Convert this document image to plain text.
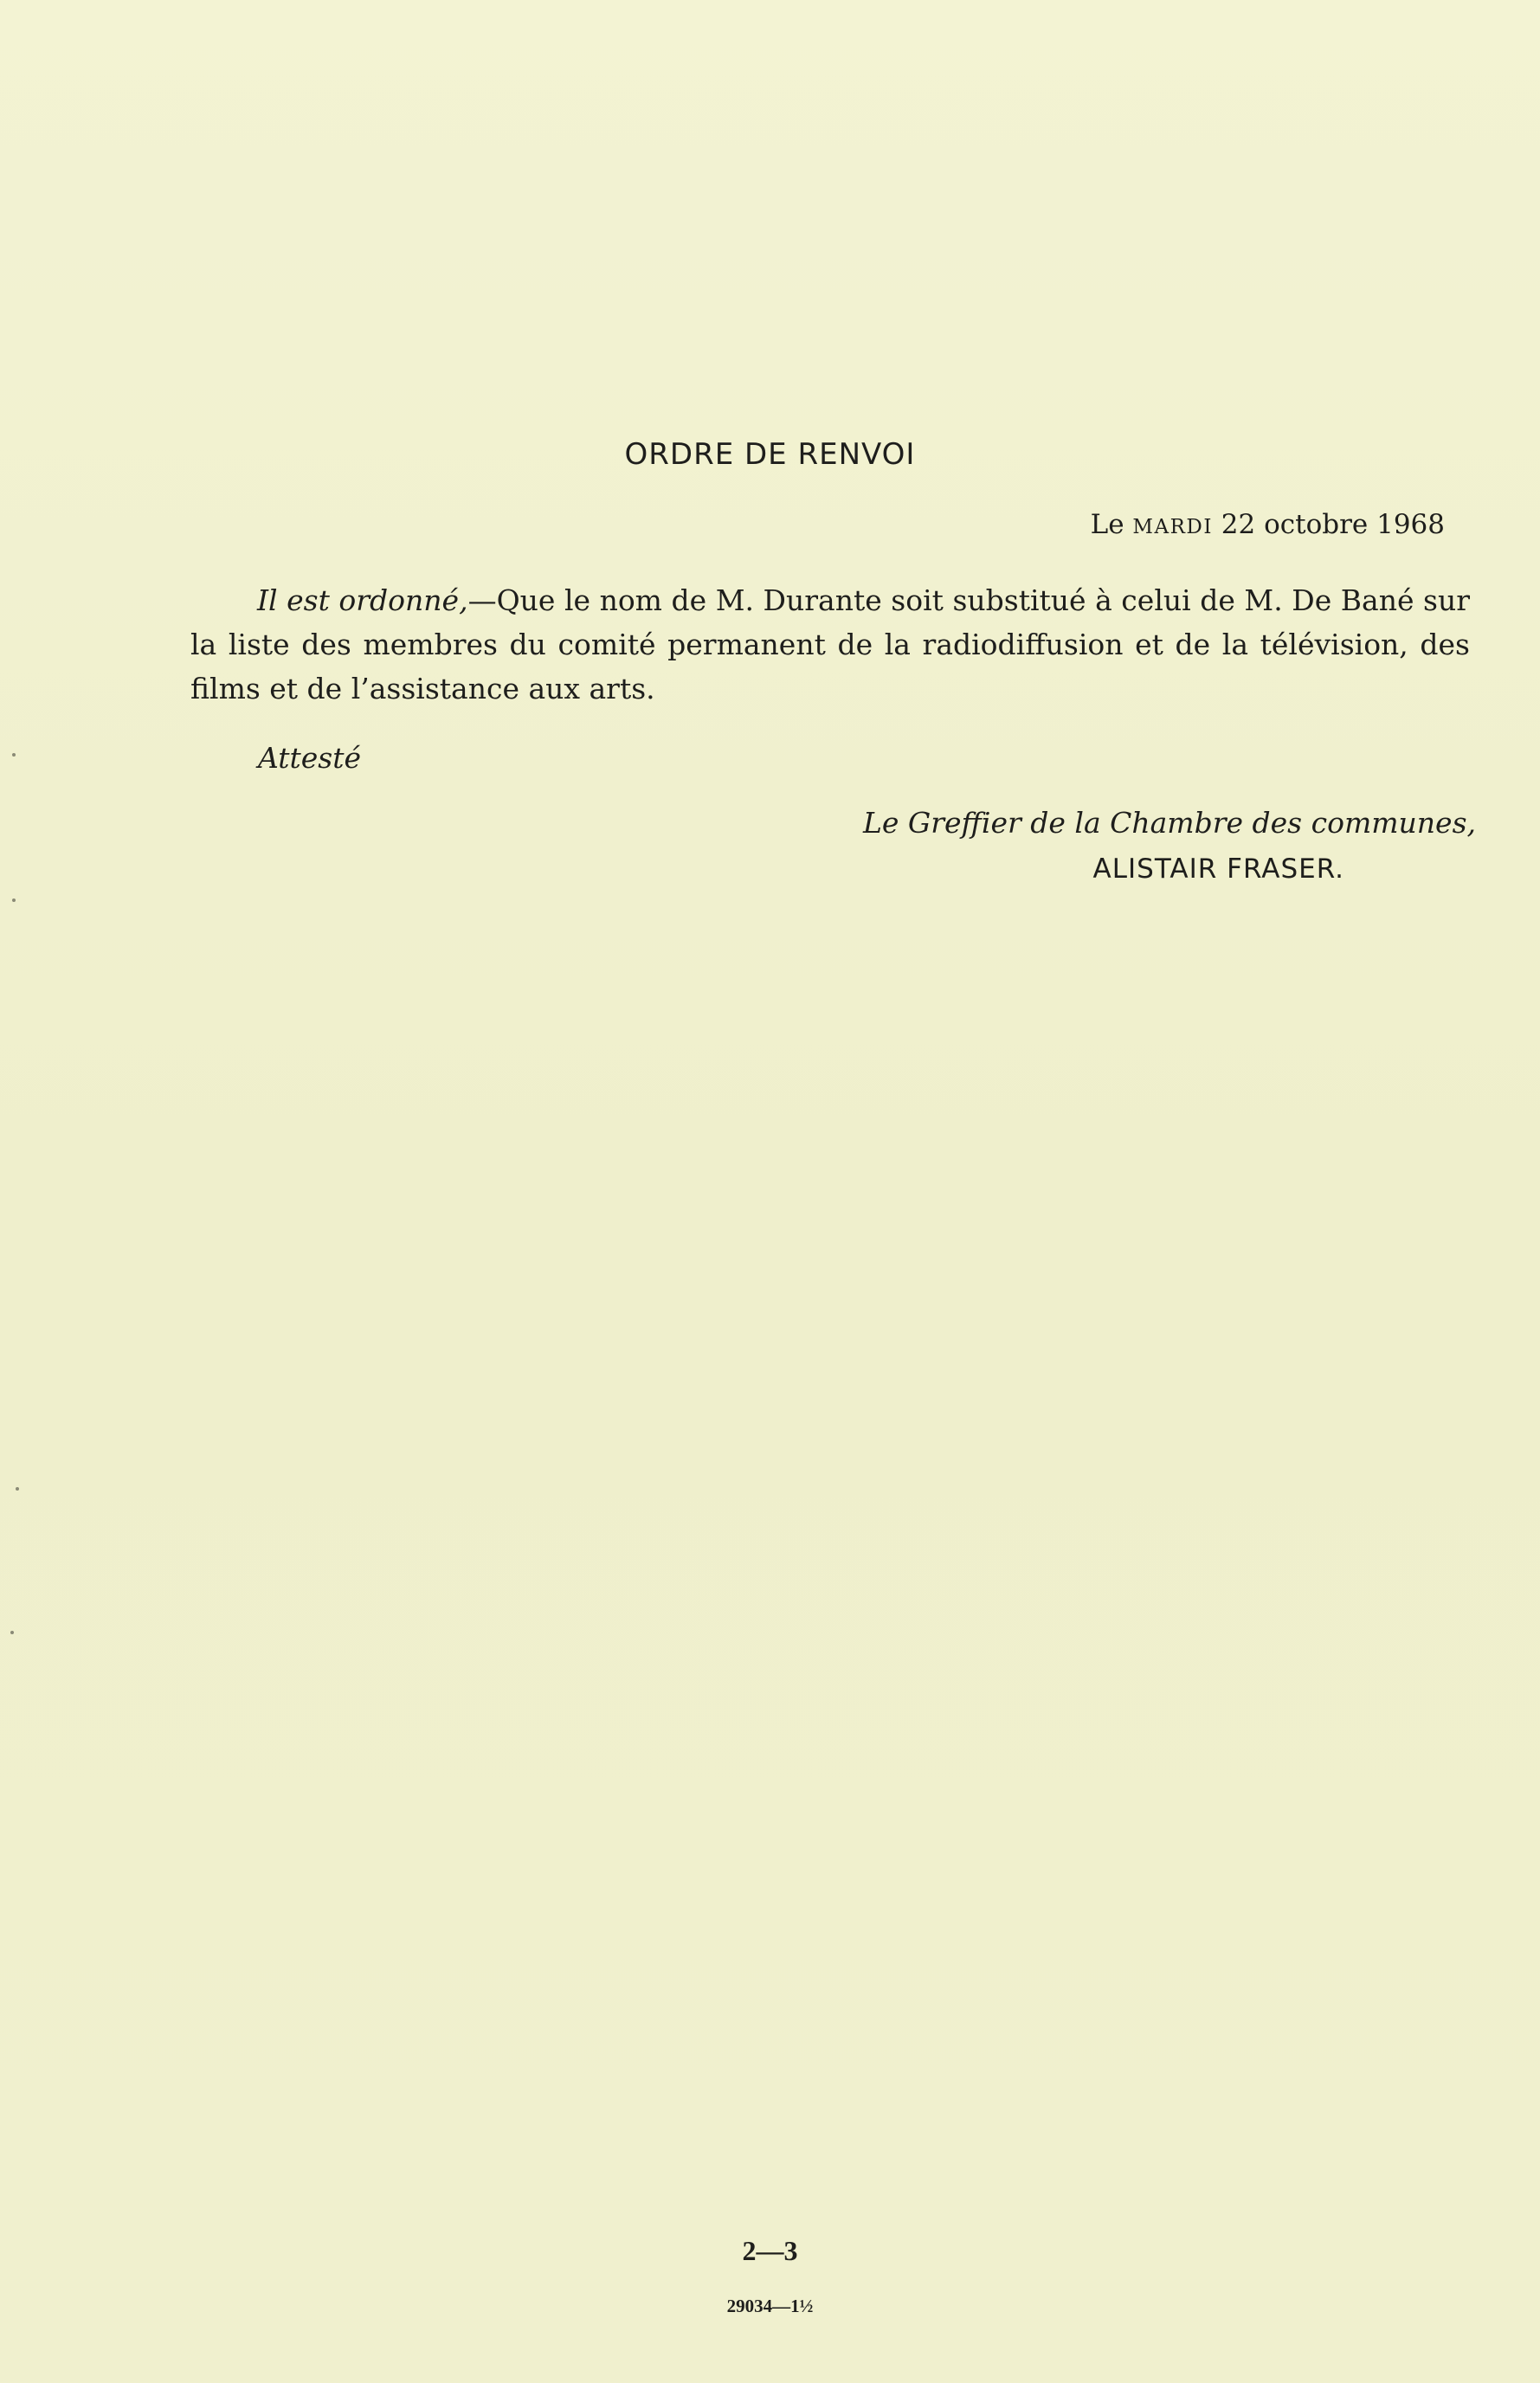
ORDRE DE RENVOI
Le MARDI 22 octobre 1968
Il est ordonné,—Que le nom de M. Durante soit substitué à celui de M. De Bané sur la liste des membres du comité permanent de la radiodiffusion et de la télévision, des films et de l’assistance aux arts.
Attesté
Le Greffier de la Chambre des communes,
ALISTAIR FRASER.
2—3
29034—1½
